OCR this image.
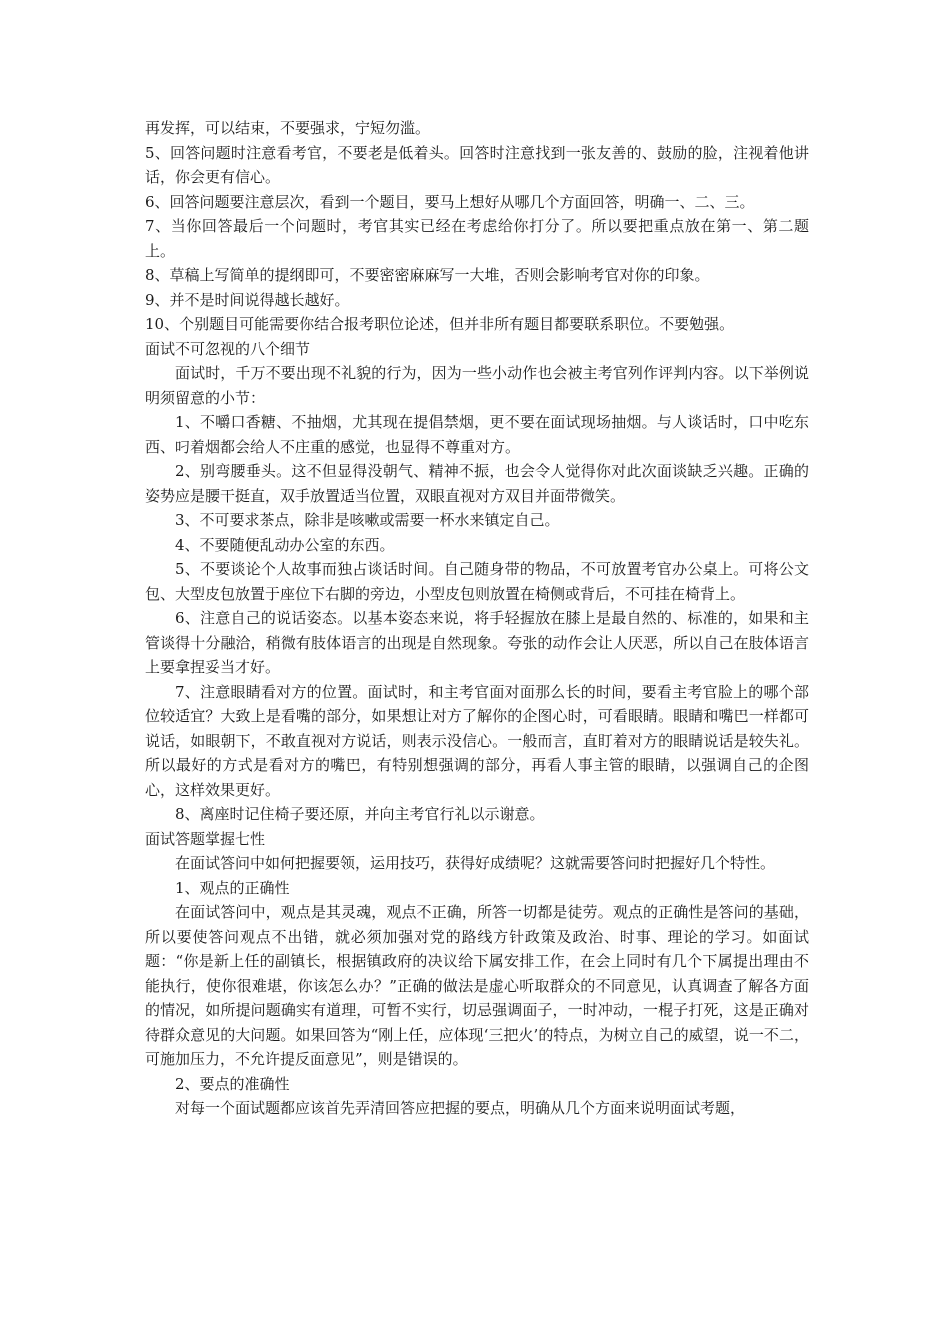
再发挥，可以结束，不要强求，宁短勿滥。

5、回答问题时注意看考官，不要老是低着头。回答时注意找到一张友善的、鼓励的脸，注视着他讲话，你会更有信心。

6、回答问题要注意层次，看到一个题目，要马上想好从哪几个方面回答，明确一、二、三。

7、当你回答最后一个问题时，考官其实已经在考虑给你打分了。所以要把重点放在第一、第二题上。

8、草稿上写简单的提纲即可，不要密密麻麻写一大堆，否则会影响考官对你的印象。

9、并不是时间说得越长越好。

10、个别题目可能需要你结合报考职位论述，但并非所有题目都要联系职位。不要勉强。

面试不可忽视的八个细节

面试时，千万不要出现不礼貌的行为，因为一些小动作也会被主考官列作评判内容。以下举例说明须留意的小节：

1、不嚼口香糖、不抽烟，尤其现在提倡禁烟，更不要在面试现场抽烟。与人谈话时，口中吃东西、叼着烟都会给人不庄重的感觉，也显得不尊重对方。

2、别弯腰垂头。这不但显得没朝气、精神不振，也会令人觉得你对此次面谈缺乏兴趣。正确的姿势应是腰干挺直，双手放置适当位置，双眼直视对方双目并面带微笑。

3、不可要求茶点，除非是咳嗽或需要一杯水来镇定自己。

4、不要随便乱动办公室的东西。

5、不要谈论个人故事而独占谈话时间。自己随身带的物品，不可放置考官办公桌上。可将公文包、大型皮包放置于座位下右脚的旁边，小型皮包则放置在椅侧或背后，不可挂在椅背上。

6、注意自己的说话姿态。以基本姿态来说，将手轻握放在膝上是最自然的、标准的，如果和主管谈得十分融洽，稍微有肢体语言的出现是自然现象。夸张的动作会让人厌恶，所以自己在肢体语言上要拿捏妥当才好。

7、注意眼睛看对方的位置。面试时，和主考官面对面那么长的时间，要看主考官脸上的哪个部位较适宜？大致上是看嘴的部分，如果想让对方了解你的企图心时，可看眼睛。眼睛和嘴巴一样都可说话，如眼朝下，不敢直视对方说话，则表示没信心。一般而言，直盯着对方的眼睛说话是较失礼。所以最好的方式是看对方的嘴巴，有特别想强调的部分，再看人事主管的眼睛，以强调自己的企图心，这样效果更好。

8、离座时记住椅子要还原，并向主考官行礼以示谢意。

面试答题掌握七性

在面试答问中如何把握要领，运用技巧，获得好成绩呢？这就需要答问时把握好几个特性。

1、观点的正确性

在面试答问中，观点是其灵魂，观点不正确，所答一切都是徒劳。观点的正确性是答问的基础，所以要使答问观点不出错，就必须加强对党的路线方针政策及政治、时事、理论的学习。如面试题：“你是新上任的副镇长，根据镇政府的决议给下属安排工作，在会上同时有几个下属提出理由不能执行，使你很难堪，你该怎么办？”正确的做法是虚心听取群众的不同意见，认真调查了解各方面的情况，如所提问题确实有道理，可暂不实行，切忌强调面子，一时冲动，一棍子打死，这是正确对待群众意见的大问题。如果回答为“刚上任，应体现‘三把火’的特点，为树立自己的威望，说一不二，可施加压力，不允许提反面意见”，则是错误的。

2、要点的准确性

对每一个面试题都应该首先弄清回答应把握的要点，明确从几个方面来说明面试考题，
